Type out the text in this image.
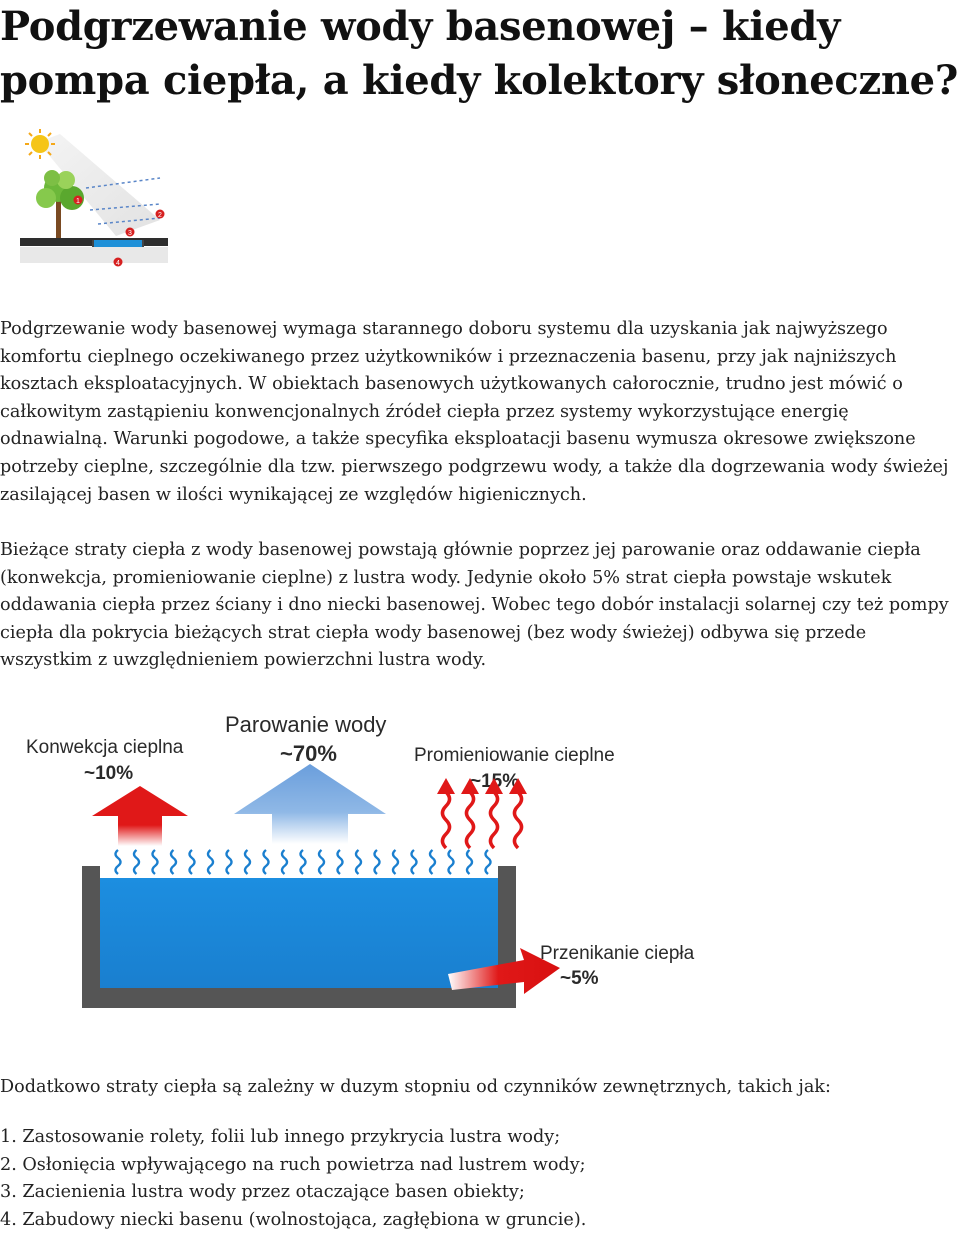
Podgrzewanie wody basenowej – kiedy pompa ciepła, a kiedy kolektory słoneczne?
1
2
3
4

Podgrzewanie wody basenowej wymaga starannego doboru systemu dla uzyskania jak najwyższego komfortu cieplnego oczekiwanego przez użytkowników i przeznaczenia basenu, przy jak najniższych kosztach eksploatacyjnych. W obiektach basenowych użytkowanych całorocznie, trudno jest mówić o całkowitym zastąpieniu konwencjonalnych źródeł ciepła przez systemy wykorzystujące energię odnawialną. Warunki pogodowe, a także specyfika eksploatacji basenu wymusza okresowe zwiększone potrzeby cieplne, szczególnie dla tzw. pierwszego podgrzewu wody, a także dla dogrzewania wody świeżej zasilającej basen w ilości wynikającej ze względów higienicznych.

Bieżące straty ciepła z wody basenowej powstają głównie poprzez jej parowanie oraz oddawanie ciepła (konwekcja, promieniowanie cieplne) z lustra wody. Jedynie około 5% strat ciepła powstaje wskutek oddawania ciepła przez ściany i dno niecki basenowej. Wobec tego dobór instalacji solarnej czy też pompy ciepła dla pokrycia bieżących strat ciepła wody basenowej (bez wody świeżej) odbywa się przede wszystkim z uwzględnieniem powierzchni lustra wody.

Konwekcja cieplna
~10%
Parowanie wody
~70%	Promieniowanie cieplne
Przenikanie ciepła
~5%

Dodatkowo straty ciepła są zależny w duzym stopniu od czynników zewnętrznych, takich jak:

1. Zastosowanie rolety, folii lub innego przykrycia lustra wody;
2. Osłonięcia wpływającego na ruch powietrza nad lustrem wody;
3. Zacienienia lustra wody przez otaczające basen obiekty;
4. Zabudowy niecki basenu (wolnostojąca, zagłębiona w gruncie).
